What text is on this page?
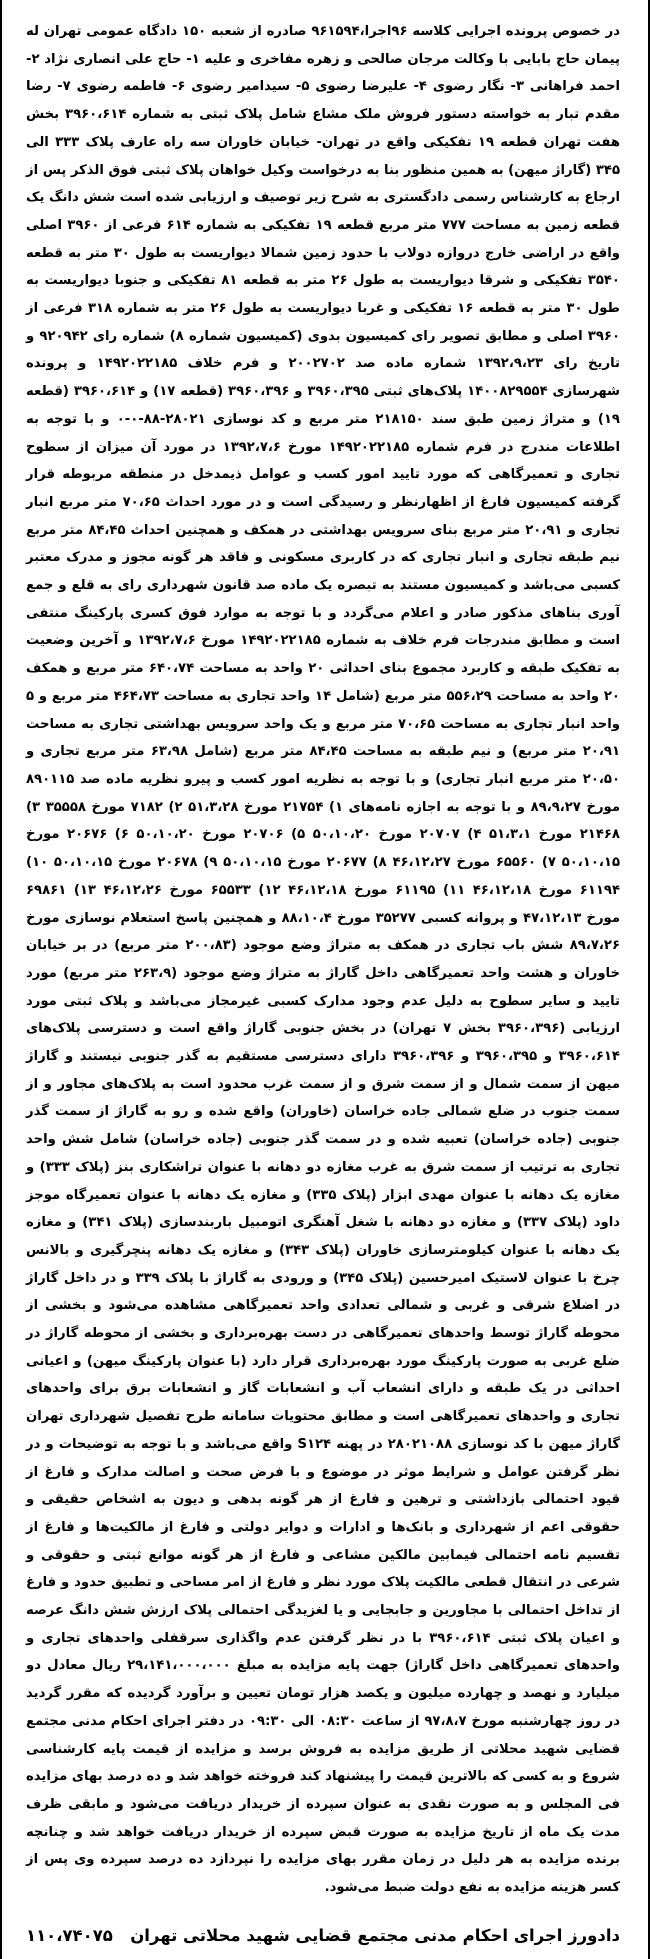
در خصوص پرونده اجرایی کلاسه ۹۶اجرا،۹۶۱۵۹۴ صادره از شعبه ۱۵۰ دادگاه عمومی تهران له پیمان حاج بابایی با وکالت مرجان صالحی و زهره مفاخری و علیه ۱- حاج علی انصاری نژاد ۲- احمد فراهانی ۳- نگار رضوی ۴- علیرضا رضوی ۵- سیدامیر رضوی ۶- فاطمه رضوی ۷- رضا مقدم تبار به خواسته دستور فروش ملک مشاع شامل پلاک ثبتی به شماره ۳۹۶۰،۶۱۴ بخش هفت تهران قطعه ۱۹ تفکیکی واقع در تهران- خیابان خاوران سه راه عارف پلاک ۳۳۳ الی ۳۴۵ (گاراژ میهن) به همین منظور بنا به درخواست وکیل خواهان پلاک ثبتی فوق الذکر پس از ارجاع به کارشناس رسمی دادگستری به شرح زیر توصیف و ارزیابی شده است شش دانگ یک قطعه زمین به مساحت ۷۷۷ متر مربع قطعه ۱۹ تفکیکی به شماره ۶۱۴ فرعی از ۳۹۶۰ اصلی واقع در اراضی خارج دروازه دولاب با حدود زمین شمالا دیواریست به طول ۳۰ متر به قطعه ۳۵۴۰ تفکیکی و شرقا دیواریست به طول ۲۶ متر به قطعه ۸۱ تفکیکی و جنوبا دیواریست به طول ۳۰ متر به قطعه ۱۶ تفکیکی و غربا دیواریست به طول ۲۶ متر به شماره ۳۱۸ فرعی از ۳۹۶۰ اصلی و مطابق تصویر رای کمیسیون بدوی (کمیسیون شماره ۸) شماره رای ۹۲۰۹۴۲ و تاریخ رای ۱۳۹۲،۹،۲۳ شماره ماده صد ۲۰۰۲۷۰۲ و فرم خلاف ۱۴۹۲۰۲۲۱۸۵ و پرونده شهرسازی ۱۴۰۰۸۲۹۵۵۴ پلاک‌های ثبتی ۳۹۶۰،۳۹۵ و ۳۹۶۰،۳۹۶ (قطعه ۱۷) و ۳۹۶۰،۶۱۴ (قطعه ۱۹) و متراژ زمین طبق سند ۲۱۸۱۵۰ متر مربع و کد نوسازی ۲۸۰۲۱-۸۸-۰-۰ و با توجه به اطلاعات مندرج در فرم شماره ۱۴۹۲۰۲۲۱۸۵ مورخ ۱۳۹۲،۷،۶ در مورد آن میزان از سطوح تجاری و تعمیرگاهی که مورد تایید امور کسب و عوامل ذیمدخل در منطقه مربوطه قرار گرفته کمیسیون فارغ از اظهارنظر و رسیدگی است و در مورد احداث ۷۰،۶۵ متر مربع انبار تجاری و ۲۰،۹۱ متر مربع بنای سرویس بهداشتی در همکف و همچنین احداث ۸۴،۴۵ متر مربع نیم طبقه تجاری و انبار تجاری که در کاربری مسکونی و فاقد هر گونه مجوز و مدرک معتبر کسبی می‌باشد و کمیسیون مستند به تبصره یک ماده صد قانون شهرداری رای به قلع و جمع آوری بناهای مذکور صادر و اعلام می‌گردد و با توجه به موارد فوق کسری پارکینگ منتفی است و مطابق مندرجات فرم خلاف به شماره ۱۴۹۲۰۲۲۱۸۵ مورخ ۱۳۹۲،۷،۶ و آخرین وضعیت به تفکیک طبقه و کاربرد مجموع بنای احداثی ۲۰ واحد به مساحت ۶۴۰،۷۴ متر مربع و همکف ۲۰ واحد به مساحت ۵۵۶،۲۹ متر مربع (شامل ۱۴ واحد تجاری به مساحت ۴۶۴،۷۳ متر مربع و ۵ واحد انبار تجاری به مساحت ۷۰،۶۵ متر مربع و یک واحد سرویس بهداشتی تجاری به مساحت ۲۰،۹۱ متر مربع) و نیم طبقه به مساحت ۸۴،۴۵ متر مربع (شامل ۶۳،۹۸ متر مربع تجاری و ۲۰،۵۰ متر مربع انبار تجاری) و با توجه به نظریه امور کسب و پیرو نظریه ماده صد ۸۹۰۱۱۵ مورخ ۸۹،۹،۲۷ و با توجه به اجازه نامه‌های ۱) ۲۱۷۵۴ مورخ ۵۱،۳،۲۸ ۲) ۷۱۸۲ مورخ ۳۵۵۵۸ ۳) ۲۱۴۶۸ مورخ ۵۱،۳،۱ ۴) ۲۰۷۰۷ مورخ ۵۰،۱۰،۲۰ ۵) ۲۰۷۰۶ مورخ ۵۰،۱۰،۲۰ ۶) ۲۰۶۷۶ مورخ ۵۰،۱۰،۱۵ ۷) ۶۵۵۶۰ مورخ ۴۶،۱۲،۲۷ ۸) ۲۰۶۷۷ مورخ ۵۰،۱۰،۱۵ ۹) ۲۰۶۷۸ مورخ ۵۰،۱۰،۱۵ ۱۰) ۶۱۱۹۴ مورخ ۴۶،۱۲،۱۸ ۱۱) ۶۱۱۹۵ مورخ ۴۶،۱۲،۱۸ ۱۲) ۶۵۵۳۳ مورخ ۴۶،۱۲،۲۶ ۱۳) ۶۹۸۶۱ مورخ ۴۷،۱۲،۱۳ و پروانه کسبی ۳۵۲۷۷ مورخ ۸۸،۱۰،۴ و همچنین پاسخ استعلام نوسازی مورخ ۸۹،۷،۲۶ شش باب تجاری در همکف به متراژ وضع موجود (۲۰۰،۸۳ متر مربع) در بر خیابان خاوران و هشت واحد تعمیرگاهی داخل گاراژ به متراژ وضع موجود (۲۶۳،۹ متر مربع) مورد تایید و سایر سطوح به دلیل عدم وجود مدارک کسبی غیرمجاز می‌باشد و پلاک ثبتی مورد ارزیابی (۳۹۶۰،۳۹۶ بخش ۷ تهران) در بخش جنوبی گاراژ واقع است و دسترسی پلاک‌های ۳۹۶۰،۶۱۴ و ۳۹۶۰،۳۹۵ و ۳۹۶۰،۳۹۶ دارای دسترسی مستقیم به گذر جنوبی نیستند و گاراژ میهن از سمت شمال و از سمت شرق و از سمت غرب محدود است به پلاک‌های مجاور و از سمت جنوب در ضلع شمالی جاده خراسان (خاوران) واقع شده و رو به گاراژ از سمت گذر جنوبی (جاده خراسان) تعبیه شده و در سمت گذر جنوبی (جاده خراسان) شامل شش واحد تجاری به ترتیب از سمت شرق به غرب مغازه دو دهانه با عنوان تراشکاری بنز (پلاک ۳۳۳) و مغازه یک دهانه با عنوان مهدی ابزار (پلاک ۳۳۵) و مغازه یک دهانه با عنوان تعمیرگاه موجز داود (پلاک ۳۳۷) و مغازه دو دهانه با شغل آهنگری اتومبیل باربندسازی (پلاک ۳۴۱) و مغازه یک دهانه با عنوان کیلومترسازی خاوران (پلاک ۳۴۳) و مغازه یک دهانه پنچرگیری و بالانس چرخ با عنوان لاستیک امیرحسین (پلاک ۳۴۵) و ورودی به گاراژ با پلاک ۳۳۹ و در داخل گاراژ در اضلاع شرقی و غربی و شمالی تعدادی واحد تعمیرگاهی مشاهده می‌شود و بخشی از محوطه گاراژ توسط واحدهای تعمیرگاهی در دست بهره‌برداری و بخشی از محوطه گاراژ در ضلع غربی به صورت پارکینگ مورد بهره‌برداری قرار دارد (با عنوان پارکینگ میهن) و اعیانی احداثی در یک طبقه و دارای انشعاب آب و انشعابات گاز و انشعابات برق برای واحدهای تجاری و واحدهای تعمیرگاهی است و مطابق محتویات سامانه طرح تفصیل شهرداری تهران گاراژ میهن با کد نوسازی ۲۸۰۲۱۰۸۸ در پهنه S۱۲۴ واقع می‌باشد و با توجه به توضیحات و در نظر گرفتن عوامل و شرایط موثر در موضوع و با فرض صحت و اصالت مدارک و فارغ از قیود احتمالی بازداشتی و ترهین و فارغ از هر گونه بدهی و دیون به اشخاص حقیقی و حقوقی اعم از شهرداری و بانک‌ها و ادارات و دوایر دولتی و فارغ از مالکیت‌ها و فارغ از تقسیم نامه احتمالی فیمابین مالکین مشاعی و فارغ از هر گونه موانع ثبتی و حقوقی و شرعی در انتقال قطعی مالکیت پلاک مورد نظر و فارغ از امر مساحی و تطبیق حدود و فارغ از تداخل احتمالی با مجاورین و جابجایی و یا لغزیدگی احتمالی پلاک ارزش شش دانگ عرصه و اعیان پلاک ثبتی ۳۹۶۰،۶۱۴ با در نظر گرفتن عدم واگذاری سرقفلی واحدهای تجاری و واحدهای تعمیرگاهی داخل گاراژ) جهت پایه مزایده به مبلغ ۲۹،۱۴۱،۰۰۰،۰۰۰ ریال معادل دو میلیارد و نهصد و چهارده میلیون و یکصد هزار تومان تعیین و برآورد گردیده که مقرر گردید در روز چهارشنبه مورخ ۹۷،۸،۷ از ساعت ۰۸:۳۰ الی ۰۹:۳۰ در دفتر اجرای احکام مدنی مجتمع قضایی شهید محلاتی از طریق مزایده به فروش برسد و مزایده از قیمت پایه کارشناسی شروع و به کسی که بالاترین قیمت را پیشنهاد کند فروخته خواهد شد و ده درصد بهای مزایده فی المجلس و به صورت نقدی به عنوان سپرده از خریدار دریافت می‌شود و مابقی ظرف مدت یک ماه از تاریخ مزایده به صورت قبض سپرده از خریدار دریافت خواهد شد و چنانچه برنده مزایده به هر دلیل در زمان مقرر بهای مزایده را نپردازد ده درصد سپرده وی پس از کسر هزینه مزایده به نفع دولت ضبط می‌شود.

دادورز اجرای احکام مدنی مجتمع قضایی شهید محلاتی تهران
۱۱۰،۷۴۰۷۵
